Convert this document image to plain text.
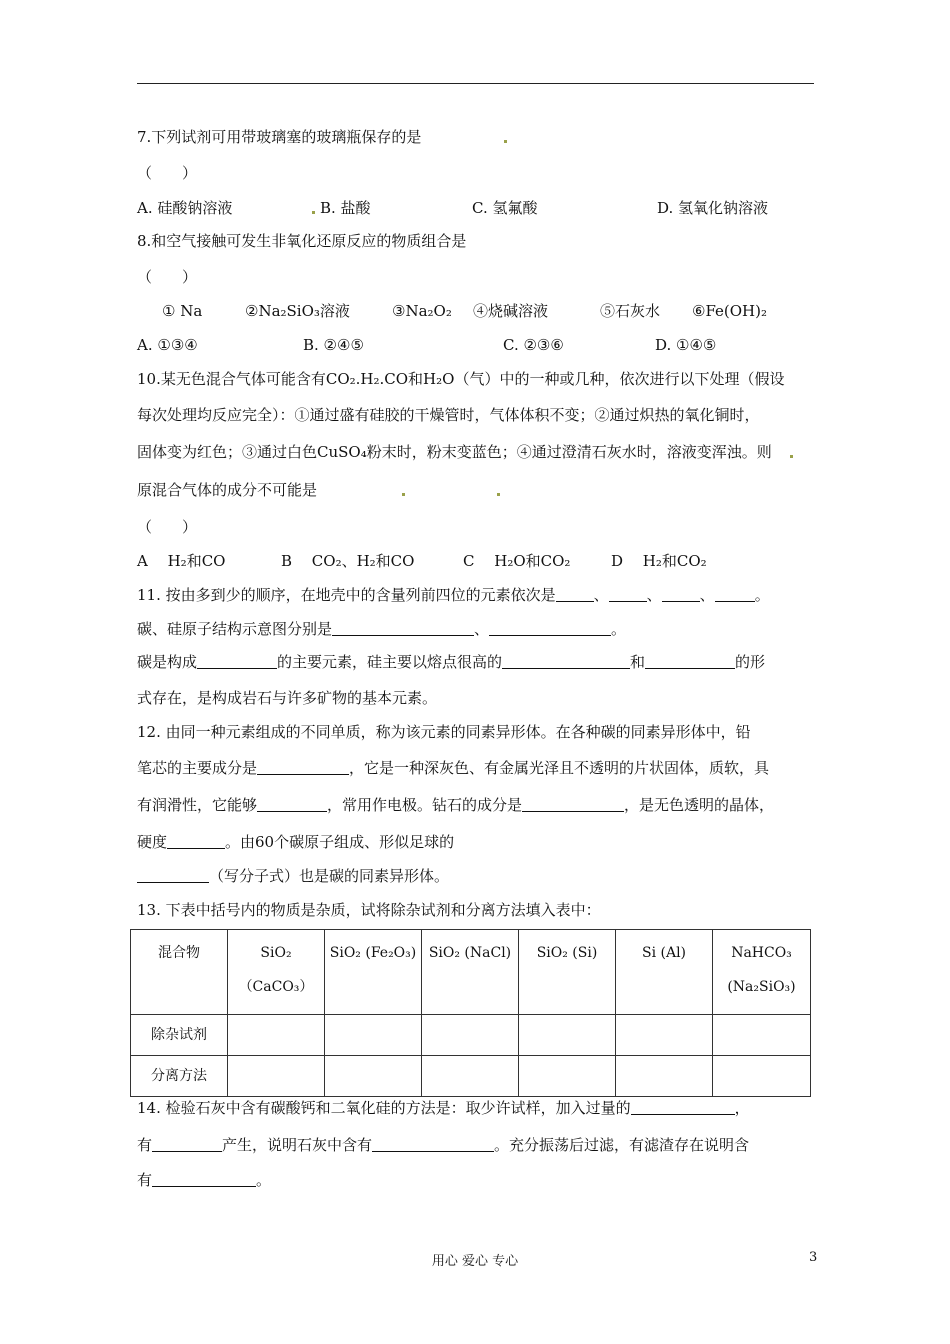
7.下列试剂可用带玻璃塞的玻璃瓶保存的是
（　　）
A. 硅酸钠溶液	B. 盐酸	C. 氢氟酸	D. 氢氧化钠溶液
8.和空气接触可发生非氧化还原反应的物质组合是
（　　）
① Na	②Na₂SiO₃溶液	③Na₂O₂ ④烧碱溶液	⑤石灰水 ⑥Fe(OH)₂
A. ①③④	B. ②④⑤	C. ②③⑥	D. ①④⑤
10.某无色混合气体可能含有CO₂.H₂.CO和H₂O（气）中的一种或几种，依次进行以下处理（假设
每次处理均反应完全）：①通过盛有硅胶的干燥管时，气体体积不变；②通过炽热的氧化铜时，
固体变为红色；③通过白色CuSO₄粉末时，粉末变蓝色；④通过澄清石灰水时，溶液变浑浊。则
原混合气体的成分不可能是
（　　）
A　 H₂和CO	B　 CO₂、H₂和CO	C　 H₂O和CO₂	D　 H₂和CO₂
11. 按由多到少的顺序，在地壳中的含量列前四位的元素依次是	、	、	、	。
碳、硅原子结构示意图分别是	、	。
碳是构成	的主要元素，硅主要以熔点很高的	和	的形
式存在，是构成岩石与许多矿物的基本元素。
12. 由同一种元素组成的不同单质，称为该元素的同素异形体。在各种碳的同素异形体中，铅
笔芯的主要成分是	，它是一种深灰色、有金属光泽且不透明的片状固体，质软，具
有润滑性，它能够	，常用作电极。钻石的成分是	，是无色透明的晶体，
硬度	。由60个碳原子组成、形似足球的
（写分子式）也是碳的同素异形体。
13. 下表中括号内的物质是杂质，试将除杂试剂和分离方法填入表中：
混合物	SiO₂（CaCO₃）	SiO₂ (Fe₂O₃)	SiO₂ (NaCl)	SiO₂ (Si)	Si (Al)	NaHCO₃ (Na₂SiO₃)
除杂试剂						
分离方法						
14. 检验石灰中含有碳酸钙和二氧化硅的方法是：取少许试样，加入过量的	，
有	产生，说明石灰中含有	。充分振荡后过滤，有滤渣存在说明含
有	。
用心 爱心 专心	3
